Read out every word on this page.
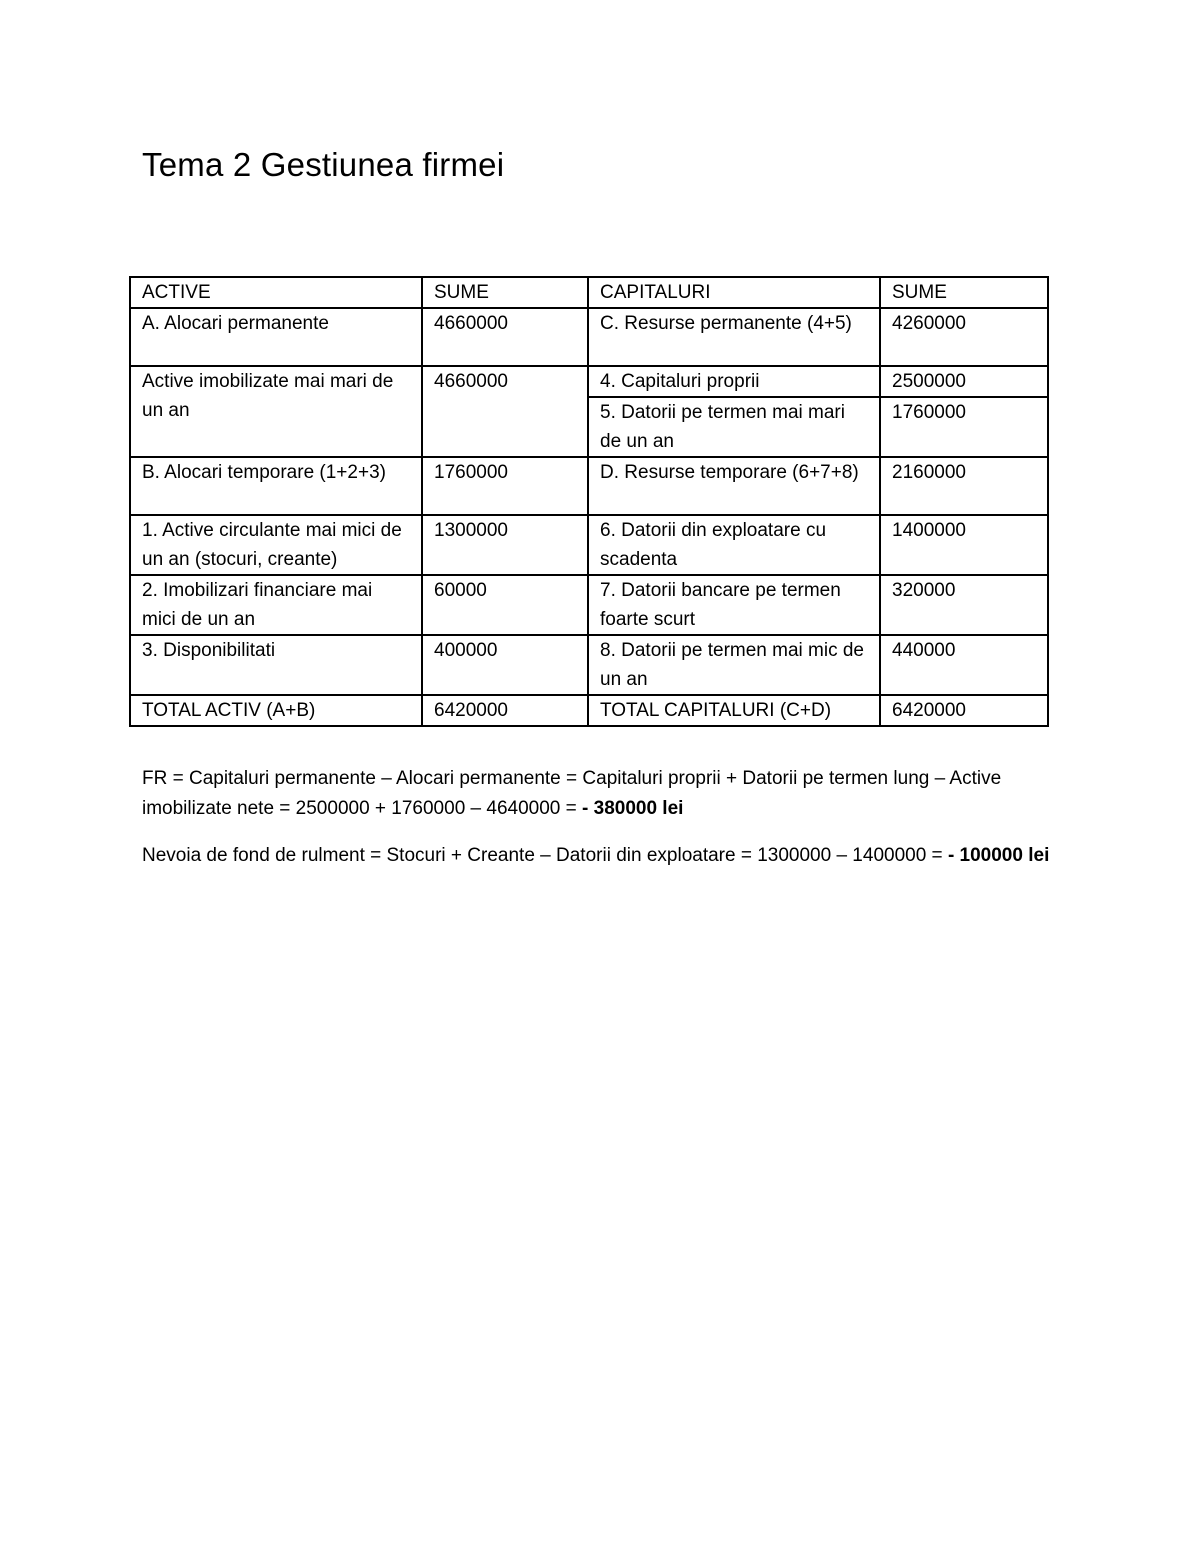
Tema 2 Gestiunea firmei
ACTIVE	SUME	CAPITALURI	SUME
A. Alocari permanente	4660000	C. Resurse permanente (4+5)	4260000
Active imobilizate mai mari de un an	4660000	4. Capitaluri proprii	2500000
		5. Datorii pe termen mai mari de un an	1760000
B. Alocari temporare (1+2+3)	1760000	D. Resurse temporare (6+7+8)	2160000
1. Active circulante mai mici de un an (stocuri, creante)	1300000	6. Datorii din exploatare cu scadenta	1400000
2. Imobilizari financiare mai mici de un an	60000	7. Datorii bancare pe termen foarte scurt	320000
3. Disponibilitati	400000	8. Datorii pe termen mai mic de un an	440000
TOTAL ACTIV (A+B)	6420000	TOTAL CAPITALURI (C+D)	6420000

FR = Capitaluri permanente – Alocari permanente = Capitaluri proprii + Datorii pe termen lung – Active imobilizate nete = 2500000 + 1760000 – 4640000 = - 380000 lei

Nevoia de fond de rulment = Stocuri + Creante – Datorii din exploatare = 1300000 – 1400000 = - 100000 lei
